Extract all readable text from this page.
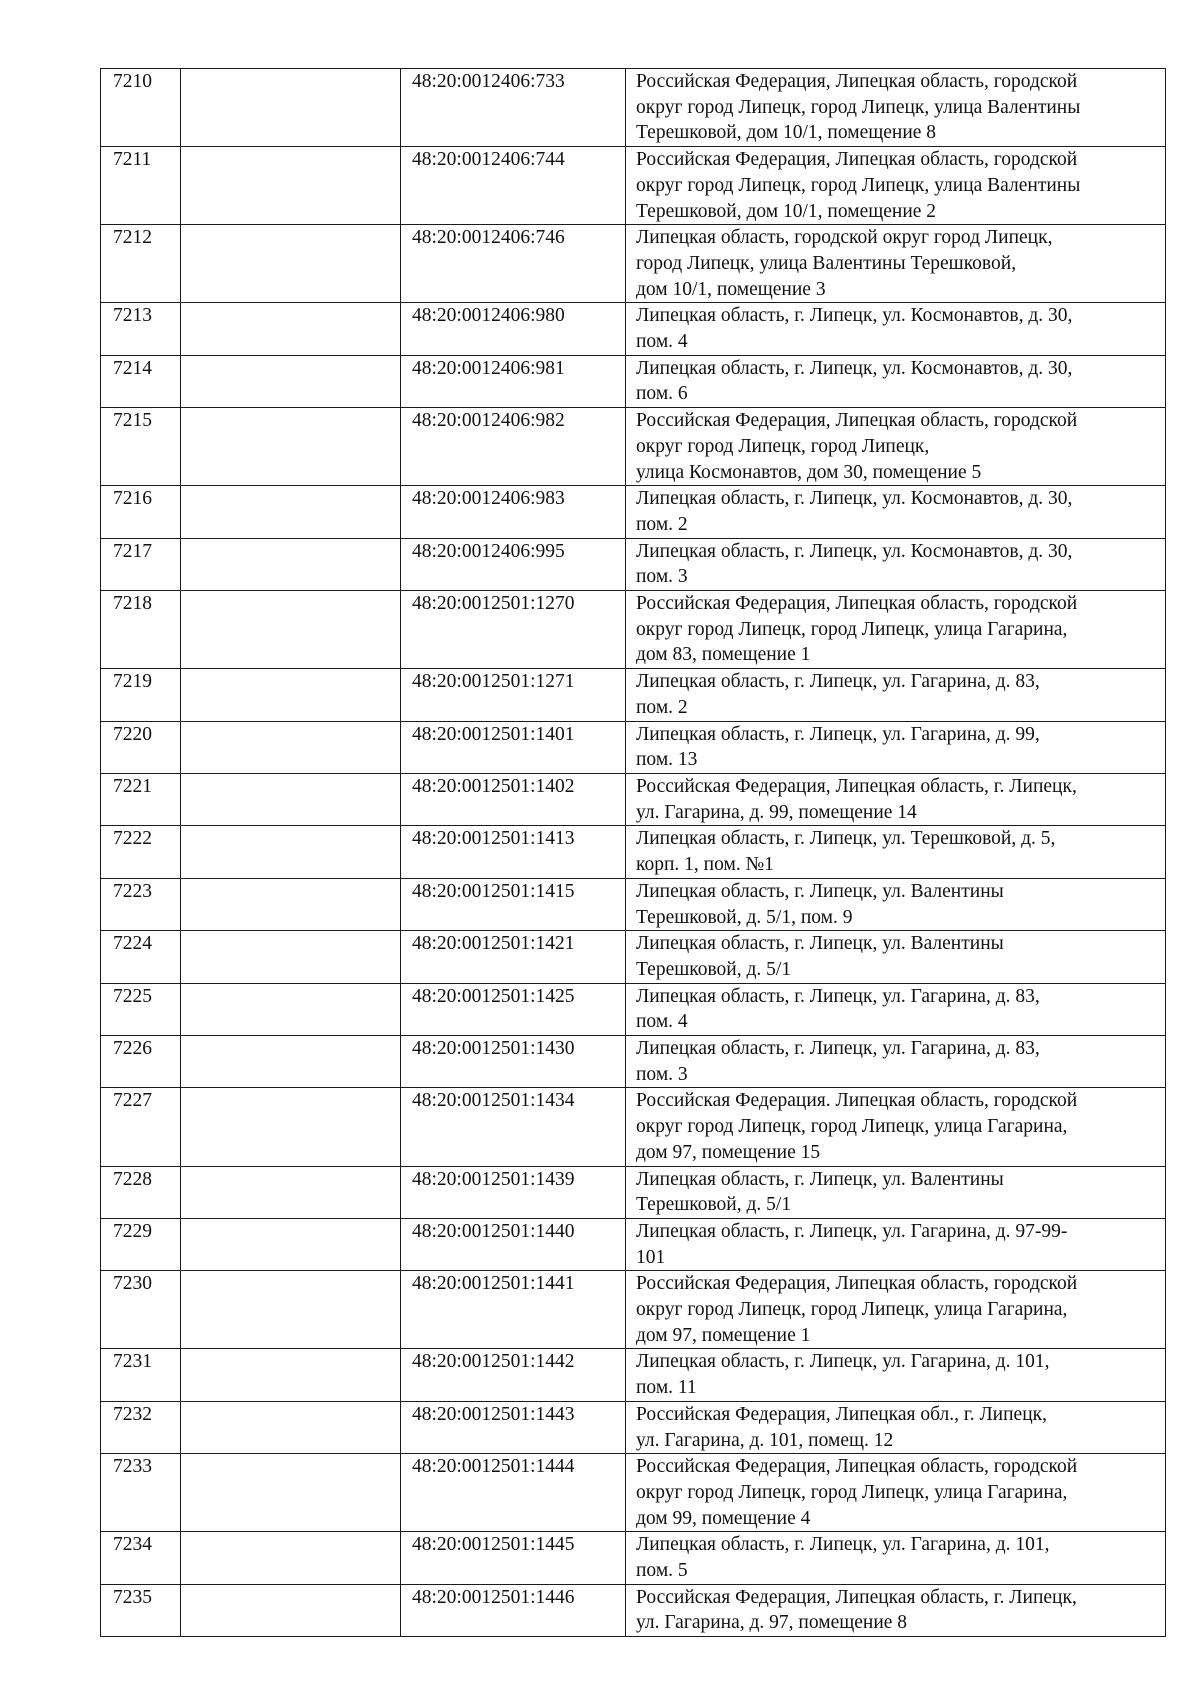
7210		48:20:0012406:733	Российская Федерация, Липецкая область, городской
округ город Липецк, город Липецк, улица Валентины
Терешковой, дом 10/1, помещение 8
7211		48:20:0012406:744	Российская Федерация, Липецкая область, городской
округ город Липецк, город Липецк, улица Валентины
Терешковой, дом 10/1, помещение 2
7212		48:20:0012406:746	Липецкая область, городской округ город Липецк,
город Липецк, улица Валентины Терешковой,
дом 10/1, помещение 3
7213		48:20:0012406:980	Липецкая область, г. Липецк, ул. Космонавтов, д. 30,
пом. 4
7214		48:20:0012406:981	Липецкая область, г. Липецк, ул. Космонавтов, д. 30,
пом. 6
7215		48:20:0012406:982	Российская Федерация, Липецкая область, городской
округ город Липецк, город Липецк,
улица Космонавтов, дом 30, помещение 5
7216		48:20:0012406:983	Липецкая область, г. Липецк, ул. Космонавтов, д. 30,
пом. 2
7217		48:20:0012406:995	Липецкая область, г. Липецк, ул. Космонавтов, д. 30,
пом. 3
7218		48:20:0012501:1270	Российская Федерация, Липецкая область, городской
округ город Липецк, город Липецк, улица Гагарина,
дом 83, помещение 1
7219		48:20:0012501:1271	Липецкая область, г. Липецк, ул. Гагарина, д. 83,
пом. 2
7220		48:20:0012501:1401	Липецкая область, г. Липецк, ул. Гагарина, д. 99,
пом. 13
7221		48:20:0012501:1402	Российская Федерация, Липецкая область, г. Липецк,
ул. Гагарина, д. 99, помещение 14
7222		48:20:0012501:1413	Липецкая область, г. Липецк, ул. Терешковой, д. 5,
корп. 1, пом. №1
7223		48:20:0012501:1415	Липецкая область, г. Липецк, ул. Валентины
Терешковой, д. 5/1, пом. 9
7224		48:20:0012501:1421	Липецкая область, г. Липецк, ул. Валентины
Терешковой, д. 5/1
7225		48:20:0012501:1425	Липецкая область, г. Липецк, ул. Гагарина, д. 83,
пом. 4
7226		48:20:0012501:1430	Липецкая область, г. Липецк, ул. Гагарина, д. 83,
пом. 3
7227		48:20:0012501:1434	Российская Федерация. Липецкая область, городской
округ город Липецк, город Липецк, улица Гагарина,
дом 97, помещение 15
7228		48:20:0012501:1439	Липецкая область, г. Липецк, ул. Валентины
Терешковой, д. 5/1
7229		48:20:0012501:1440	Липецкая область, г. Липецк, ул. Гагарина, д. 97-99-
101
7230		48:20:0012501:1441	Российская Федерация, Липецкая область, городской
округ город Липецк, город Липецк, улица Гагарина,
дом 97, помещение 1
7231		48:20:0012501:1442	Липецкая область, г. Липецк, ул. Гагарина, д. 101,
пом. 11
7232		48:20:0012501:1443	Российская Федерация, Липецкая обл., г. Липецк,
ул. Гагарина, д. 101, помещ. 12
7233		48:20:0012501:1444	Российская Федерация, Липецкая область, городской
округ город Липецк, город Липецк, улица Гагарина,
дом 99, помещение 4
7234		48:20:0012501:1445	Липецкая область, г. Липецк, ул. Гагарина, д. 101,
пом. 5
7235		48:20:0012501:1446	Российская Федерация, Липецкая область, г. Липецк,
ул. Гагарина, д. 97, помещение 8
